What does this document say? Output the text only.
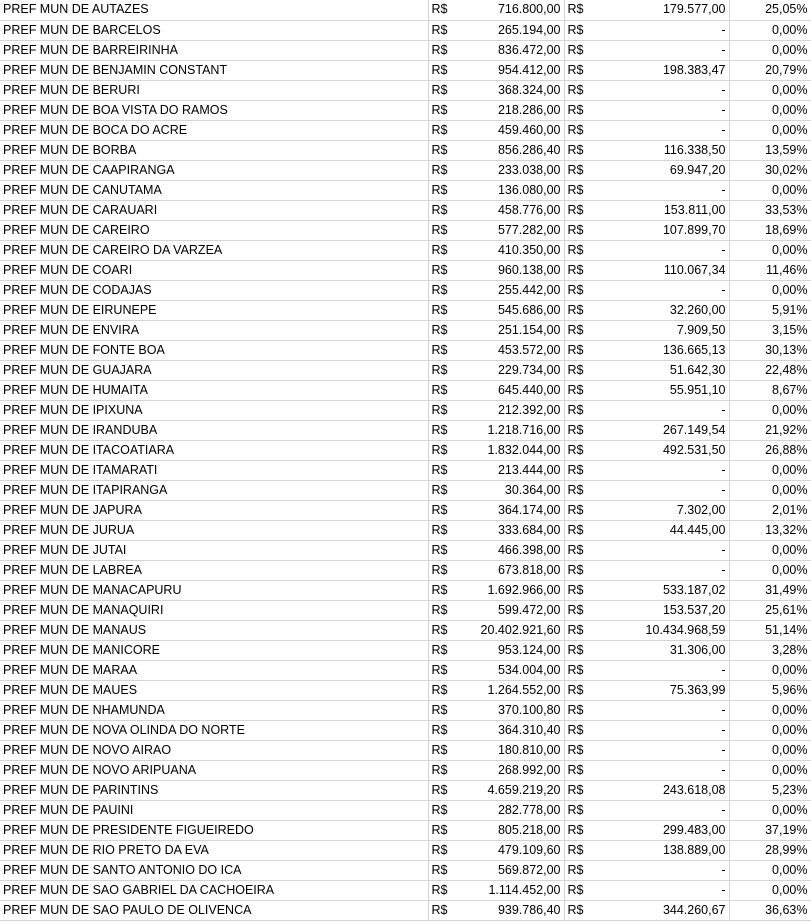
PREF MUN DE AUTAZES	R$	716.800,00	R$	179.577,00	25,05%
PREF MUN DE BARCELOS	R$	265.194,00	R$	-	0,00%
PREF MUN DE BARREIRINHA	R$	836.472,00	R$	-	0,00%
PREF MUN DE BENJAMIN CONSTANT	R$	954.412,00	R$	198.383,47	20,79%
PREF MUN DE BERURI	R$	368.324,00	R$	-	0,00%
PREF MUN DE BOA VISTA DO RAMOS	R$	218.286,00	R$	-	0,00%
PREF MUN DE BOCA DO ACRE	R$	459.460,00	R$	-	0,00%
PREF MUN DE BORBA	R$	856.286,40	R$	116.338,50	13,59%
PREF MUN DE CAAPIRANGA	R$	233.038,00	R$	69.947,20	30,02%
PREF MUN DE CANUTAMA	R$	136.080,00	R$	-	0,00%
PREF MUN DE CARAUARI	R$	458.776,00	R$	153.811,00	33,53%
PREF MUN DE CAREIRO	R$	577.282,00	R$	107.899,70	18,69%
PREF MUN DE CAREIRO DA VARZEA	R$	410.350,00	R$	-	0,00%
PREF MUN DE COARI	R$	960.138,00	R$	110.067,34	11,46%
PREF MUN DE CODAJAS	R$	255.442,00	R$	-	0,00%
PREF MUN DE EIRUNEPE	R$	545.686,00	R$	32.260,00	5,91%
PREF MUN DE ENVIRA	R$	251.154,00	R$	7.909,50	3,15%
PREF MUN DE FONTE BOA	R$	453.572,00	R$	136.665,13	30,13%
PREF MUN DE GUAJARA	R$	229.734,00	R$	51.642,30	22,48%
PREF MUN DE HUMAITA	R$	645.440,00	R$	55.951,10	8,67%
PREF MUN DE IPIXUNA	R$	212.392,00	R$	-	0,00%
PREF MUN DE IRANDUBA	R$	1.218.716,00	R$	267.149,54	21,92%
PREF MUN DE ITACOATIARA	R$	1.832.044,00	R$	492.531,50	26,88%
PREF MUN DE ITAMARATI	R$	213.444,00	R$	-	0,00%
PREF MUN DE ITAPIRANGA	R$	30.364,00	R$	-	0,00%
PREF MUN DE JAPURA	R$	364.174,00	R$	7.302,00	2,01%
PREF MUN DE JURUA	R$	333.684,00	R$	44.445,00	13,32%
PREF MUN DE JUTAI	R$	466.398,00	R$	-	0,00%
PREF MUN DE LABREA	R$	673.818,00	R$	-	0,00%
PREF MUN DE MANACAPURU	R$	1.692.966,00	R$	533.187,02	31,49%
PREF MUN DE MANAQUIRI	R$	599.472,00	R$	153.537,20	25,61%
PREF MUN DE MANAUS	R$	20.402.921,60	R$	10.434.968,59	51,14%
PREF MUN DE MANICORE	R$	953.124,00	R$	31.306,00	3,28%
PREF MUN DE MARAA	R$	534.004,00	R$	-	0,00%
PREF MUN DE MAUES	R$	1.264.552,00	R$	75.363,99	5,96%
PREF MUN DE NHAMUNDA	R$	370.100,80	R$	-	0,00%
PREF MUN DE NOVA OLINDA DO NORTE	R$	364.310,40	R$	-	0,00%
PREF MUN DE NOVO AIRAO	R$	180.810,00	R$	-	0,00%
PREF MUN DE NOVO ARIPUANA	R$	268.992,00	R$	-	0,00%
PREF MUN DE PARINTINS	R$	4.659.219,20	R$	243.618,08	5,23%
PREF MUN DE PAUINI	R$	282.778,00	R$	-	0,00%
PREF MUN DE PRESIDENTE FIGUEIREDO	R$	805.218,00	R$	299.483,00	37,19%
PREF MUN DE RIO PRETO DA EVA	R$	479.109,60	R$	138.889,00	28,99%
PREF MUN DE SANTO ANTONIO DO ICA	R$	569.872,00	R$	-	0,00%
PREF MUN DE SAO GABRIEL DA CACHOEIRA	R$	1.114.452,00	R$	-	0,00%
PREF MUN DE SAO PAULO DE OLIVENCA	R$	939.786,40	R$	344.260,67	36,63%
